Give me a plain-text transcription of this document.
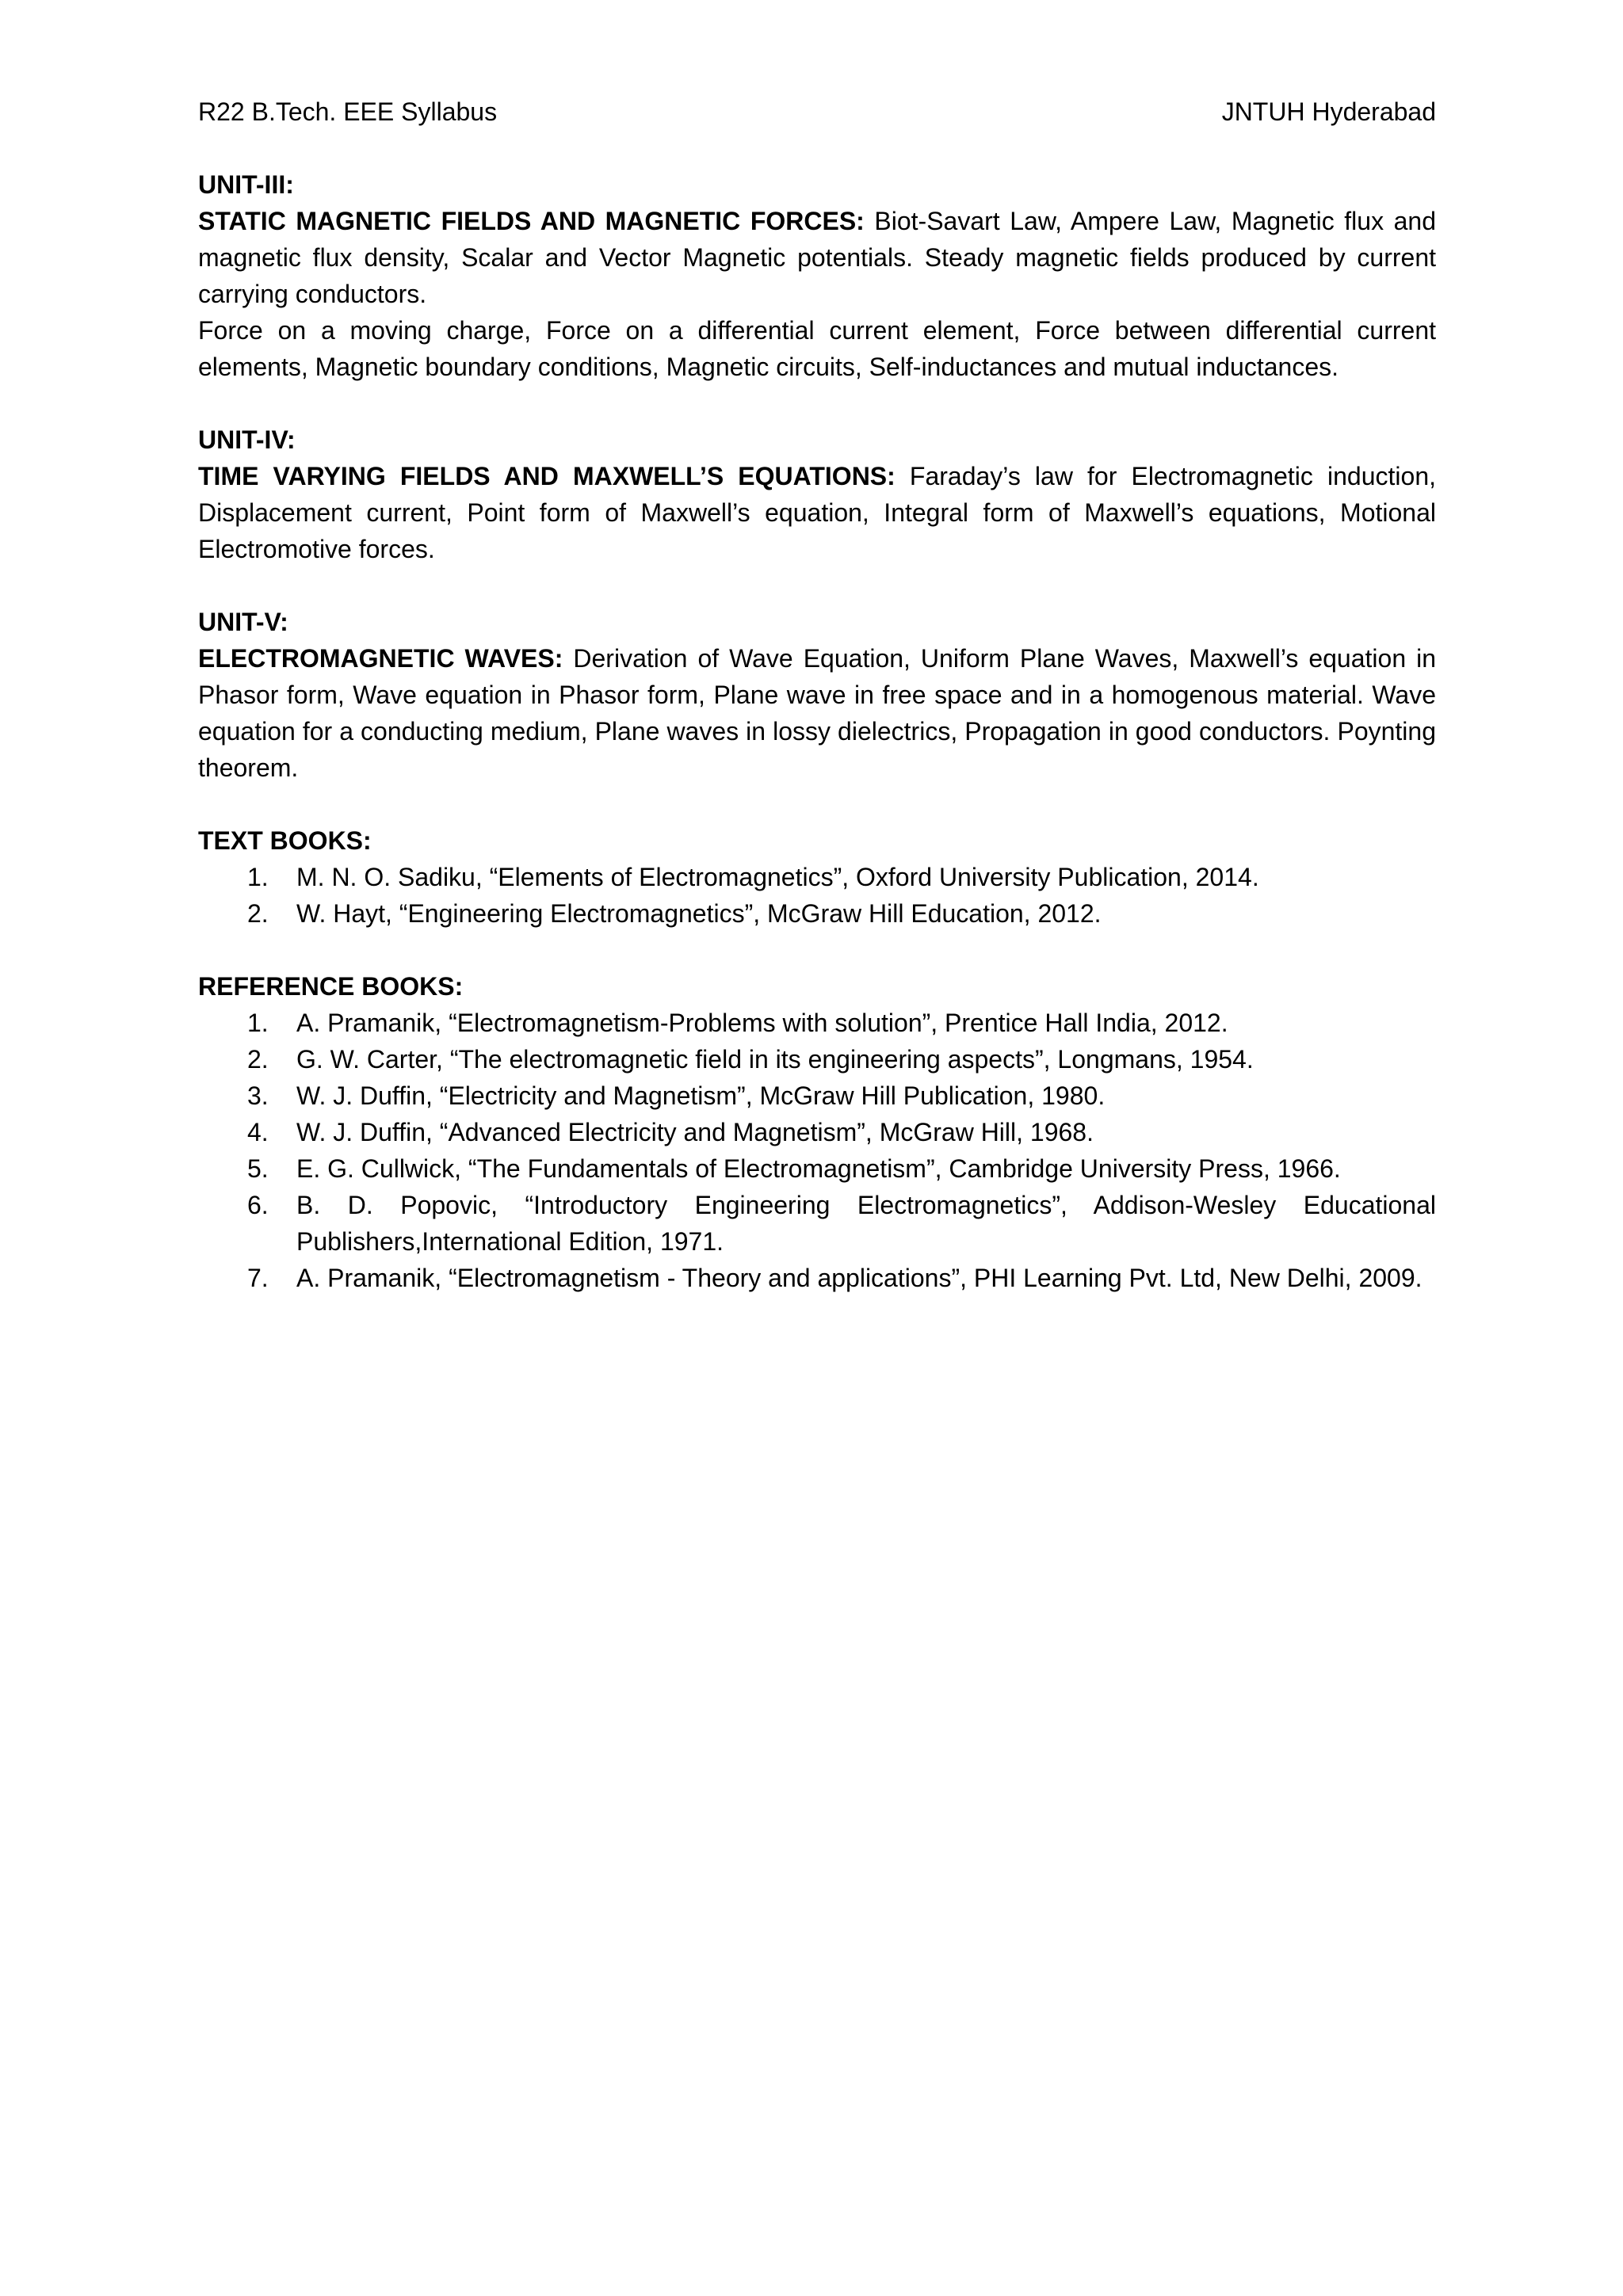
R22 B.Tech. EEE Syllabus	JNTUH Hyderabad

UNIT-III:

STATIC MAGNETIC FIELDS AND MAGNETIC FORCES: Biot-Savart Law, Ampere Law, Magnetic flux and magnetic flux density, Scalar and Vector Magnetic potentials. Steady magnetic fields produced by current carrying conductors.

Force on a moving charge, Force on a differential current element, Force between differential current elements, Magnetic boundary conditions, Magnetic circuits, Self-inductances and mutual inductances.

UNIT-IV:

TIME VARYING FIELDS AND MAXWELL’S EQUATIONS: Faraday’s law for Electromagnetic induction, Displacement current, Point form of Maxwell’s equation, Integral form of Maxwell’s equations, Motional Electromotive forces.

UNIT-V:

ELECTROMAGNETIC WAVES: Derivation of Wave Equation, Uniform Plane Waves, Maxwell’s equation in Phasor form, Wave equation in Phasor form, Plane wave in free space and in a homogenous material. Wave equation for a conducting medium, Plane waves in lossy dielectrics, Propagation in good conductors. Poynting theorem.

TEXT BOOKS:

1. M. N. O. Sadiku, “Elements of Electromagnetics”, Oxford University Publication, 2014.
2. W. Hayt, “Engineering Electromagnetics”, McGraw Hill Education, 2012.

REFERENCE BOOKS:

1. A. Pramanik, “Electromagnetism-Problems with solution”, Prentice Hall India, 2012.
2. G. W. Carter, “The electromagnetic field in its engineering aspects”, Longmans, 1954.
3. W. J. Duffin, “Electricity and Magnetism”, McGraw Hill Publication, 1980.
4. W. J. Duffin, “Advanced Electricity and Magnetism”, McGraw Hill, 1968.
5. E. G. Cullwick, “The Fundamentals of Electromagnetism”, Cambridge University Press, 1966.
6. B. D. Popovic, “Introductory Engineering Electromagnetics”, Addison-Wesley Educational Publishers,International Edition, 1971.
7. A. Pramanik, “Electromagnetism - Theory and applications”, PHI Learning Pvt. Ltd, New Delhi, 2009.
